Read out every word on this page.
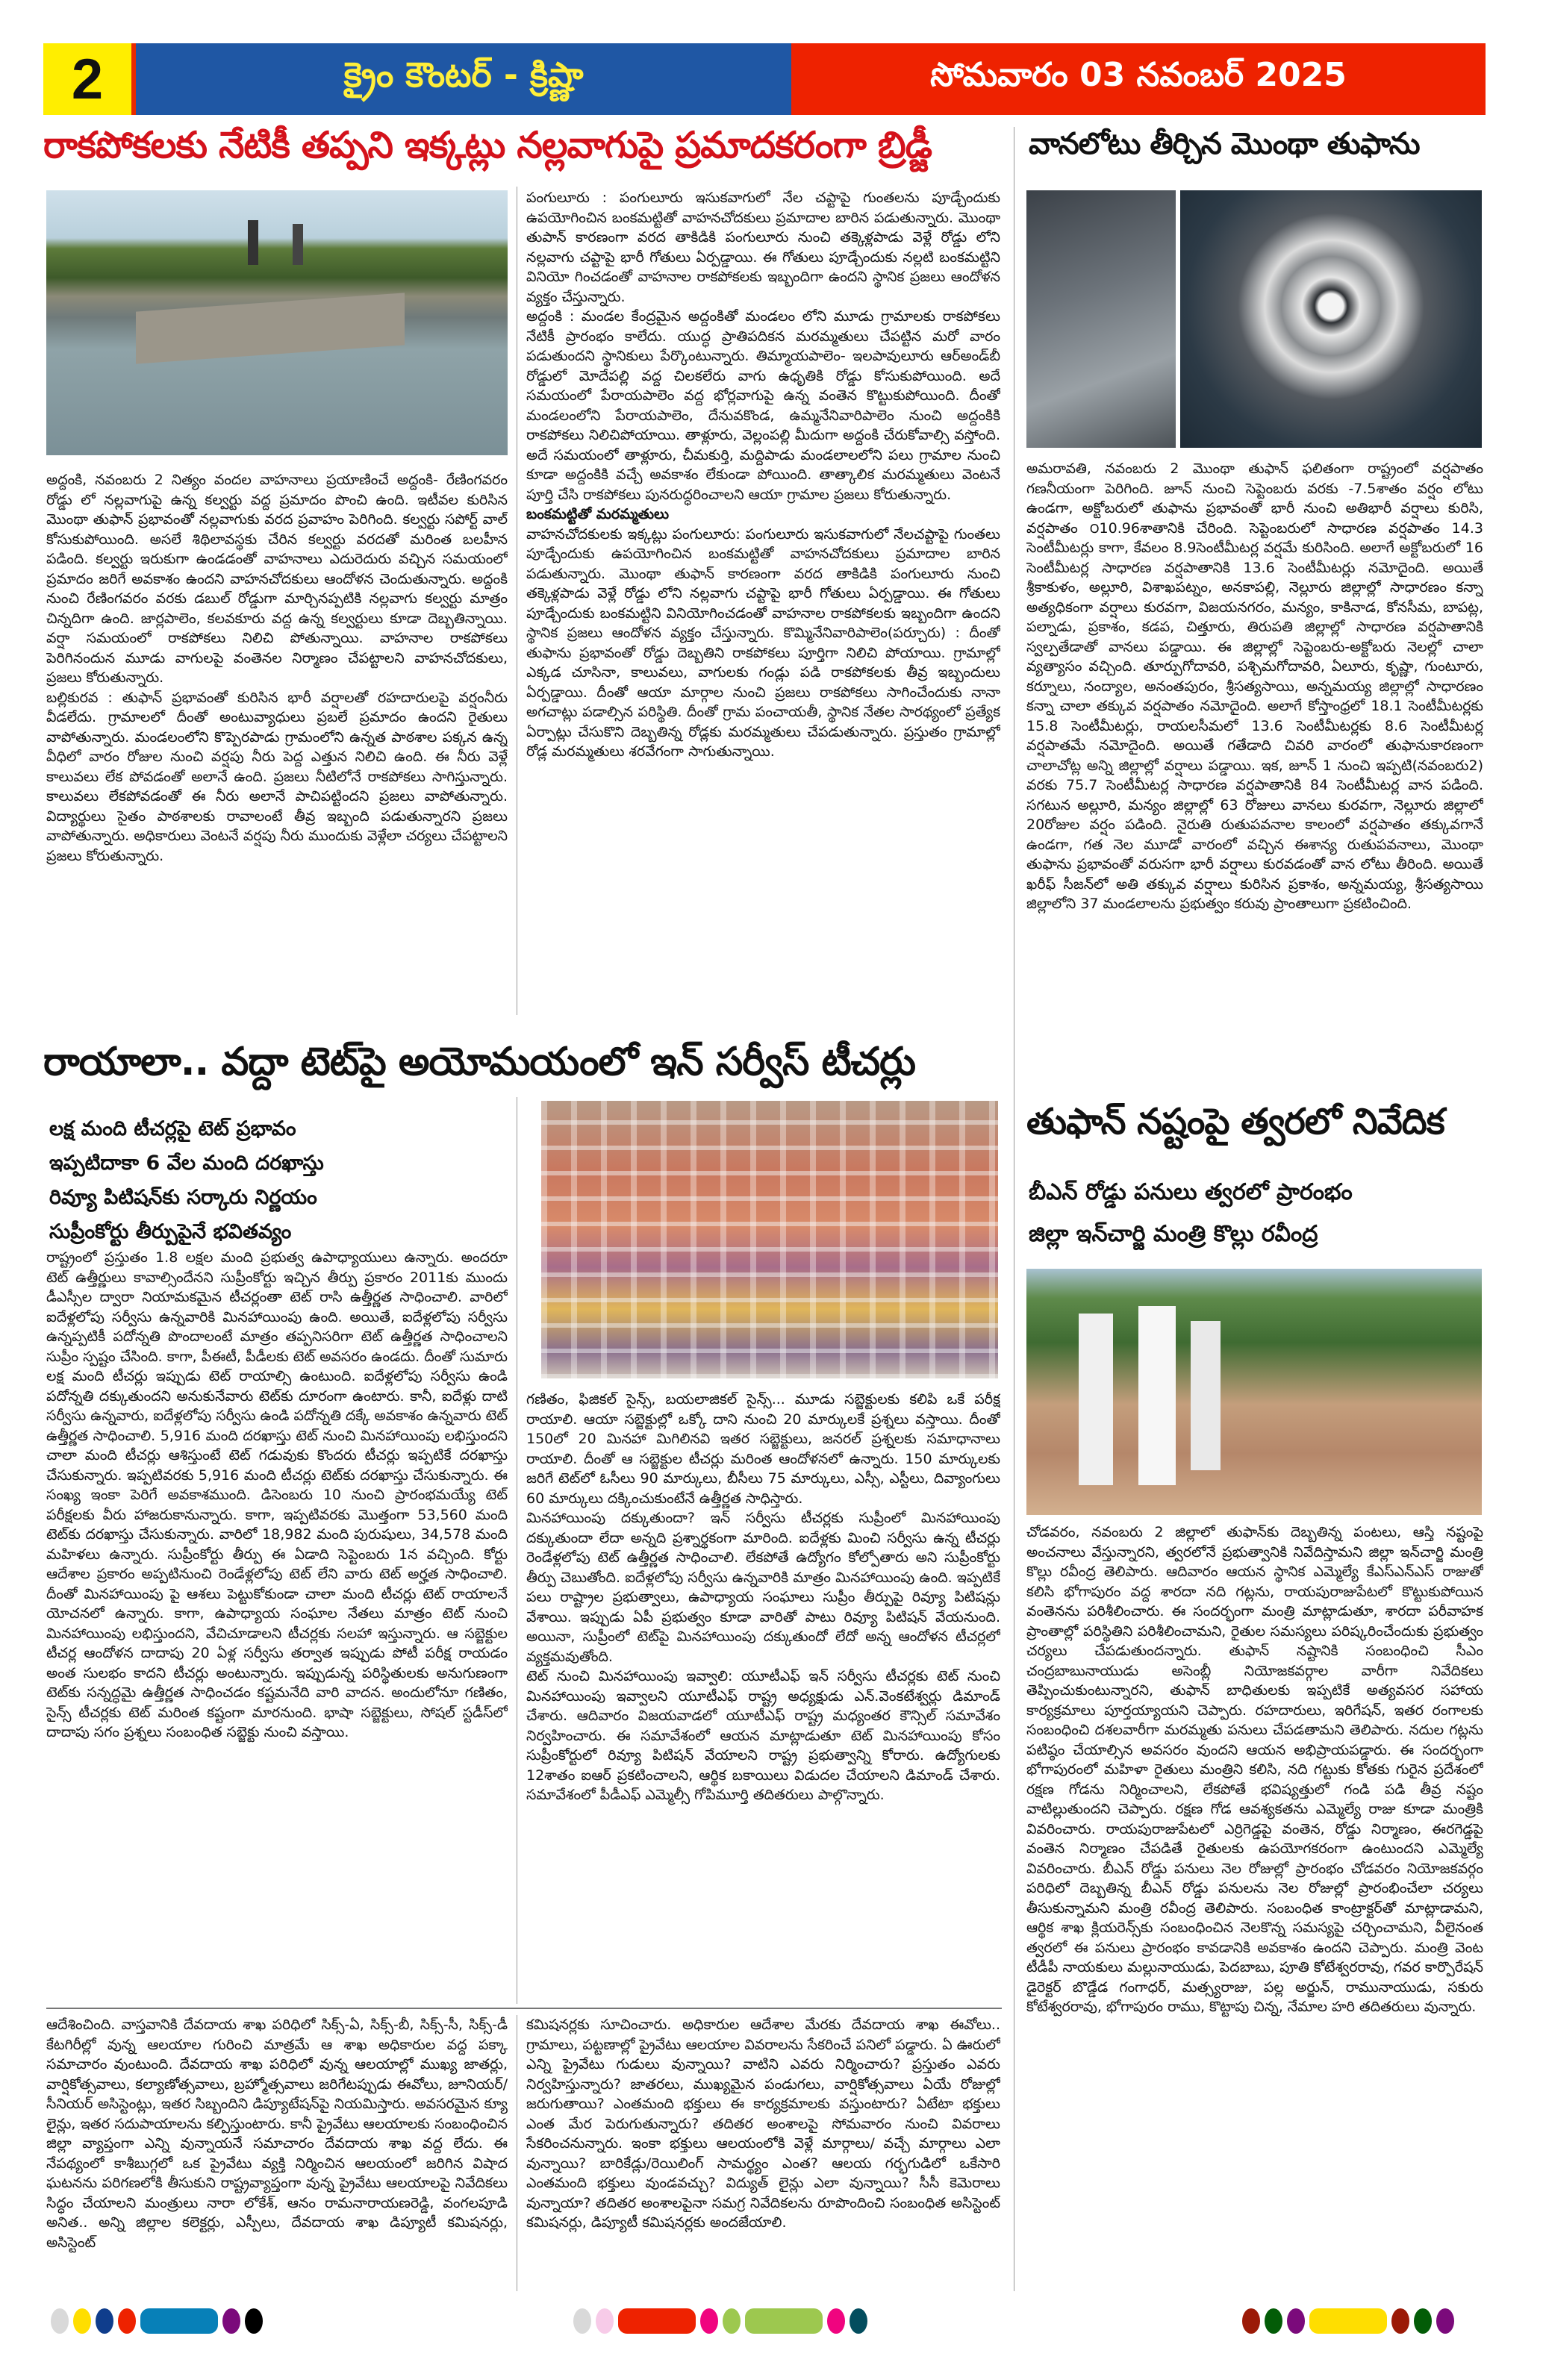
2	క్రైం కౌంటర్ - క్రిష్ణా	సోమవారం 03 నవంబర్ 2025
రాకపోకలకు నేటికీ తప్పని ఇక్కట్లు నల్లవాగుపై ప్రమాదకరంగా బ్రిడ్జీ

అద్దంకి, నవంబరు 2 నిత్యం వందల వాహనాలు ప్రయాణించే అద్దంకి- రేణింగవరం రోడ్డు లో నల్లవాగుపై ఉన్న కల్వర్టు వద్ద ప్రమాదం పొంచి ఉంది. ఇటీవల కురిసిన మొంథా తుఫాన్ ప్రభావంతో నల్లవాగుకు వరద ప్రవాహం పెరిగింది. కల్వర్టు సపోర్ట్ వాల్ కోసుకుపోయింది. అసలే శిథిలావస్థకు చేరిన కల్వర్టు వరదతో మరింత బలహీన పడింది. కల్వర్టు ఇరుకుగా ఉండడంతో వాహనాలు ఎదురెదురు వచ్చిన సమయంలో ప్రమాదం జరిగే అవకాశం ఉందని వాహనచోదకులు ఆందోళన చెందుతున్నారు. అద్దంకి నుంచి రేణింగవరం వరకు డబుల్ రోడ్డుగా మార్చినప్పటికి నల్లవాగు కల్వర్టు మాత్రం చిన్నదిగా ఉంది. జార్లపాలెం, కలవకూరు వద్ద ఉన్న కల్వర్టులు కూడా దెబ్బతిన్నాయి. వర్షా సమయంలో రాకపోకలు నిలిచి పోతున్నాయి. వాహనాల రాకపోకలు పెరిగినందున మూడు వాగులపై వంతెనల నిర్మాణం చేపట్టాలని వాహనచోదకులు, ప్రజలు కోరుతున్నారు.

బల్లికురవ : తుఫాన్ ప్రభావంతో కురిసిన భారీ వర్షాలతో రహదారులపై వర్షంనీరు వీడలేదు. గ్రామాలలో దీంతో అంటువ్యాధులు ప్రబలే ప్రమాదం ఉందని రైతులు వాపోతున్నారు. మండలంలోని కొప్పెరపాడు గ్రామంలోని ఉన్నత పాఠశాల పక్కన ఉన్న వీధిలో వారం రోజుల నుంచి వర్షపు నీరు పెద్ద ఎత్తున నిలిచి ఉంది. ఈ నీరు వెళ్లే కాలువలు లేక పోవడంతో అలానే ఉంది. ప్రజలు నీటిలోనే రాకపోకలు సాగిస్తున్నారు. కాలువలు లేకపోవడంతో ఈ నీరు అలానే పాచిపట్టిందని ప్రజలు వాపోతున్నారు. విద్యార్థులు సైతం పాఠశాలకు రావాలంటే తీవ్ర ఇబ్బంది పడుతున్నారని ప్రజలు వాపోతున్నారు. అధికారులు వెంటనే వర్షపు నీరు ముందుకు వెళ్లేలా చర్యలు చేపట్టాలని ప్రజలు కోరుతున్నారు.

పంగులూరు : పంగులూరు ఇసుకవాగులో నేల చప్టాపై గుంతలను పూడ్చేందుకు ఉపయోగించిన బంకమట్టితో వాహనచోదకులు ప్రమాదాల బారిన పడుతున్నారు. మొంథా తుపాన్ కారణంగా వరద తాకిడికి పంగులూరు నుంచి తక్కెళ్లపాడు వెళ్లే రోడ్డు లోని నల్లవాగు చప్టాపై భారీ గోతులు ఏర్పడ్డాయి. ఈ గోతులు పూడ్చేందుకు నల్లటి బంకమట్టిని వినియో గించడంతో వాహనాల రాకపోకలకు ఇబ్బందిగా ఉందని స్థానిక ప్రజలు ఆందోళన వ్యక్తం చేస్తున్నారు.

అద్దంకి : మండల కేంద్రమైన అద్దంకితో మండలం లోని మూడు గ్రామాలకు రాకపోకలు నేటికీ ప్రారంభం కాలేదు. యుద్ధ ప్రాతిపదికన మరమ్మతులు చేపట్టిన మరో వారం పడుతుందని స్థానికులు పేర్కొంటున్నారు. తిమ్మాయపాలెం- ఇలపావులూరు ఆర్‌అండ్‌బీ రోడ్డులో మోదేపల్లి వద్ద చిలకలేరు వాగు ఉధృతికి రోడ్డు కోసుకుపోయింది. అదే సమయంలో పేరాయపాలెం వద్ద భోర్లవాగుపై ఉన్న వంతెన కొట్టుకుపోయింది. దీంతో మండలంలోని పేరాయపాలెం, దేనువకొండ, ఉమ్మనేనివారిపాలెం నుంచి అద్దంకికి రాకపోకలు నిలిచిపోయాయి. తాళ్లూరు, వెల్లంపల్లి మీదుగా అద్దంకి చేరుకోవాల్సి వస్తోంది. అదే సమయంలో తాళ్లూరు, చీమకుర్తి, మద్దిపాడు మండలాలలోని పలు గ్రామాల నుంచి కూడా అద్దంకికి వచ్చే అవకాశం లేకుండా పోయింది. తాత్కాలిక మరమ్మతులు వెంటనే పూర్తి చేసి రాకపోకలు పునరుద్ధరించాలని ఆయా గ్రామాల ప్రజలు కోరుతున్నారు.

బంకమట్టితో మరమ్మతులు

వాహనచోదకులకు ఇక్కట్లు పంగులూరు: పంగులూరు ఇసుకవాగులో నేలచప్టాపై గుంతలు పూడ్చేందుకు ఉపయోగించిన బంకమట్టితో వాహనచోదకులు ప్రమాదాల బారిన పడుతున్నారు. మొంథా తుఫాన్ కారణంగా వరద తాకిడికి పంగులూరు నుంచి తక్కెళ్లపాడు వెళ్లే రోడ్డు లోని నల్లవాగు చప్టాపై భారీ గోతులు ఏర్పడ్డాయి. ఈ గోతులు పూడ్చేందుకు బంకమట్టిని వినియోగించడంతో వాహనాల రాకపోకలకు ఇబ్బందిగా ఉందని స్థానిక ప్రజలు ఆందోళన వ్యక్తం చేస్తున్నారు. కొమ్మినేనివారిపాలెం(పర్చూరు) : దీంతో తుఫాను ప్రభావంతో రోడ్డు దెబ్బతిని రాకపోకలు పూర్తిగా నిలిచి పోయాయి. గ్రామాల్లో ఎక్కడ చూసినా, కాలువలు, వాగులకు గండ్లు పడి రాకపోకలకు తీవ్ర ఇబ్బందులు ఏర్పడ్డాయి. దీంతో ఆయా మార్గాల నుంచి ప్రజలు రాకపోకలు సాగించేందుకు నానా అగచాట్లు పడాల్సిన పరిస్థితి. దీంతో గ్రామ పంచాయతీ, స్థానిక నేతల సారథ్యంలో ప్రత్యేక ఏర్పాట్లు చేసుకొని దెబ్బతిన్న రోడ్లకు మరమ్మతులు చేపడుతున్నారు. ప్రస్తుతం గ్రామాల్లో రోడ్ల మరమ్మతులు శరవేగంగా సాగుతున్నాయి.

వానలోటు తీర్చిన మొంథా తుఫాను

అమరావతి, నవంబరు 2 మొంథా తుఫాన్ ఫలితంగా రాష్ట్రంలో వర్షపాతం గణనీయంగా పెరిగింది. జూన్ నుంచి సెప్టెంబరు వరకు -7.5శాతం వర్షం లోటు ఉండగా, అక్టోబరులో తుఫాను ప్రభావంతో భారీ నుంచి అతిభారీ వర్షాలు కురిసి, వర్షపాతం ౦10.96శాతానికి చేరింది. సెప్టెంబరులో సాధారణ వర్షపాతం 14.3 సెంటీమీటర్లు కాగా, కేవలం 8.9సెంటీమీటర్ల వర్షమే కురిసింది. అలాగే అక్టోబరులో 16 సెంటీమీటర్ల సాధారణ వర్షపాతానికి 13.6 సెంటీమీటర్లు నమోదైంది. అయితే శ్రీకాకుళం, అల్లూరి, విశాఖపట్నం, అనకాపల్లి, నెల్లూరు జిల్లాల్లో సాధారణం కన్నా అత్యధికంగా వర్షాలు కురవగా, విజయనగరం, మన్యం, కాకినాడ, కోనసీమ, బాపట్ల, పల్నాడు, ప్రకాశం, కడప, చిత్తూరు, తిరుపతి జిల్లాల్లో సాధారణ వర్షపాతానికి స్వల్పతేడాతో వానలు పడ్డాయి. ఈ జిల్లాల్లో సెప్టెంబరు-అక్టోబరు నెలల్లో చాలా వ్యత్యాసం వచ్చింది. తూర్పుగోదావరి, పశ్చిమగోదావరి, ఏలూరు, కృష్ణా, గుంటూరు, కర్నూలు, నంద్యాల, అనంతపురం, శ్రీసత్యసాయి, అన్నమయ్య జిల్లాల్లో సాధారణం కన్నా చాలా తక్కువ వర్షపాతం నమోదైంది. అలాగే కోస్తాంధ్రలో 18.1 సెంటీమీటర్లకు 15.8 సెంటీమీటర్లు, రాయలసీమలో 13.6 సెంటీమీటర్లకు 8.6 సెంటీమీటర్ల వర్షపాతమే నమోదైంది. అయితే గతేడాది చివరి వారంలో తుఫానుకారణంగా చాలాచోట్ల అన్ని జిల్లాల్లో వర్షాలు పడ్డాయి. ఇక, జూన్ 1 నుంచి ఇప్పటి(నవంబరు2) వరకు 75.7 సెంటీమీటర్ల సాధారణ వర్షపాతానికి 84 సెంటీమీటర్ల వాన పడింది. సగటున అల్లూరి, మన్యం జిల్లాల్లో 63 రోజులు వానలు కురవగా, నెల్లూరు జిల్లాలో 20రోజుల వర్షం పడింది. నైరుతి రుతుపవనాల కాలంలో వర్షపాతం తక్కువగానే ఉండగా, గత నెల మూడో వారంలో వచ్చిన ఈశాన్య రుతుపవనాలు, మొంథా తుఫాను ప్రభావంతో వరుసగా భారీ వర్షాలు కురవడంతో వాన లోటు తీరింది. అయితే ఖరీఫ్ సీజన్‌లో అతి తక్కువ వర్షాలు కురిసిన ప్రకాశం, అన్నమయ్య, శ్రీసత్యసాయి జిల్లాలోని 37 మండలాలను ప్రభుత్వం కరువు ప్రాంతాలుగా ప్రకటించింది.

రాయాలా.. వద్దా టెట్‌పై అయోమయంలో ఇన్ సర్వీస్ టీచర్లు
లక్ష మంది టీచర్లపై టెట్ ప్రభావం
ఇప్పటిదాకా 6 వేల మంది దరఖాస్తు
రివ్యూ పిటిషన్‌కు సర్కారు నిర్ణయం
సుప్రీంకోర్టు తీర్పుపైనే భవితవ్యం

రాష్ట్రంలో ప్రస్తుతం 1.8 లక్షల మంది ప్రభుత్వ ఉపాధ్యాయులు ఉన్నారు. అందరూ టెట్ ఉత్తీర్ణులు కావాల్సిందేనని సుప్రీంకోర్టు ఇచ్చిన తీర్పు ప్రకారం 2011కు ముందు డీఎస్సీల ద్వారా నియామకమైన టీచర్లంతా టెట్ రాసి ఉత్తీర్ణత సాధించాలి. వారిలో ఐదేళ్లలోపు సర్వీసు ఉన్నవారికి మినహాయింపు ఉంది. అయితే, ఐదేళ్లలోపు సర్వీసు ఉన్నప్పటికీ పదోన్నతి పొందాలంటే మాత్రం తప్పనిసరిగా టెట్ ఉత్తీర్ణత సాధించాలని సుప్రీం స్పష్టం చేసింది. కాగా, పీఈటీ, పీడీలకు టెట్ అవసరం ఉండదు. దీంతో సుమారు లక్ష మంది టీచర్లు ఇప్పుడు టెట్ రాయాల్సి ఉంటుంది. ఐదేళ్లలోపు సర్వీసు ఉండి పదోన్నతి దక్కుతుందని అనుకునేవారు టెట్‌కు దూరంగా ఉంటారు. కానీ, ఐదేళ్లు దాటి సర్వీసు ఉన్నవారు, ఐదేళ్లలోపు సర్వీసు ఉండి పదోన్నతి దక్కే అవకాశం ఉన్నవారు టెట్ ఉత్తీర్ణత సాధించాలి. 5,916 మంది దరఖాస్తు టెట్ నుంచి మినహాయింపు లభిస్తుందని చాలా మంది టీచర్లు ఆశిస్తుంటే టెట్ గడువుకు కొందరు టీచర్లు ఇప్పటికే దరఖాస్తు చేసుకున్నారు. ఇప్పటివరకు 5,916 మంది టీచర్లు టెట్‌కు దరఖాస్తు చేసుకున్నారు. ఈ సంఖ్య ఇంకా పెరిగే అవకాశముంది. డిసెంబరు 10 నుంచి ప్రారంభమయ్యే టెట్ పరీక్షలకు వీరు హాజరుకానున్నారు. కాగా, ఇప్పటివరకు మొత్తంగా 53,560 మంది టెట్‌కు దరఖాస్తు చేసుకున్నారు. వారిలో 18,982 మంది పురుషులు, 34,578 మంది మహిళలు ఉన్నారు. సుప్రీంకోర్టు తీర్పు ఈ ఏడాది సెప్టెంబరు 1న వచ్చింది. కోర్టు ఆదేశాల ప్రకారం అప్పటినుంచి రెండేళ్లలోపు టెట్ లేని వారు టెట్ అర్హత సాధించాలి. దీంతో మినహాయింపు పై ఆశలు పెట్టుకోకుండా చాలా మంది టీచర్లు టెట్ రాయాలనే యోచనలో ఉన్నారు. కాగా, ఉపాధ్యాయ సంఘాల నేతలు మాత్రం టెట్ నుంచి మినహాయింపు లభిస్తుందని, వేచిచూడాలని టీచర్లకు సలహా ఇస్తున్నారు. ఆ సబ్జెక్టుల టీచర్ల ఆందోళన దాదాపు 20 ఏళ్ల సర్వీసు తర్వాత ఇప్పుడు పోటీ పరీక్ష రాయడం అంత సులభం కాదని టీచర్లు అంటున్నారు. ఇప్పుడున్న పరిస్థితులకు అనుగుణంగా టెట్‌కు సన్నద్ధమై ఉత్తీర్ణత సాధించడం కష్టమనేది వారి వాదన. అందులోనూ గణితం, సైన్స్ టీచర్లకు టెట్ మరింత కష్టంగా మారనుంది. భాషా సబ్జెక్టులు, సోషల్ స్టడీస్‌లో దాదాపు సగం ప్రశ్నలు సంబంధిత సబ్జెక్టు నుంచి వస్తాయి.

గణితం, ఫిజికల్ సైన్స్, బయలాజికల్ సైన్స్... మూడు సబ్జెక్టులకు కలిపి ఒకే పరీక్ష రాయాలి. ఆయా సబ్జెక్టుల్లో ఒక్కో దాని నుంచి 20 మార్కులకే ప్రశ్నలు వస్తాయి. దీంతో 150లో 20 మినహా మిగిలినవి ఇతర సబ్జెక్టులు, జనరల్ ప్రశ్నలకు సమాధానాలు రాయాలి. దీంతో ఆ సబ్జెక్టుల టీచర్లు మరింత ఆందోళనలో ఉన్నారు. 150 మార్కులకు జరిగే టెట్‌లో ఓసీలు 90 మార్కులు, బీసీలు 75 మార్కులు, ఎస్సీ, ఎస్టీలు, దివ్యాంగులు 60 మార్కులు దక్కించుకుంటేనే ఉత్తీర్ణత సాధిస్తారు.

మినహాయింపు దక్కుతుందా? ఇన్ సర్వీసు టీచర్లకు సుప్రీంలో మినహాయింపు దక్కుతుందా లేదా అన్నది ప్రశ్నార్థకంగా మారింది. ఐదేళ్లకు మించి సర్వీసు ఉన్న టీచర్లు రెండేళ్లలోపు టెట్ ఉత్తీర్ణత సాధించాలి. లేకపోతే ఉద్యోగం కోల్పోతారు అని సుప్రీంకోర్టు తీర్పు చెబుతోంది. ఐదేళ్లలోపు సర్వీసు ఉన్నవారికి మాత్రం మినహాయింపు ఉంది. ఇప్పటికే పలు రాష్ట్రాల ప్రభుత్వాలు, ఉపాధ్యాయ సంఘాలు సుప్రీం తీర్పుపై రివ్యూ పిటిషన్లు వేశాయి. ఇప్పుడు ఏపీ ప్రభుత్వం కూడా వారితో పాటు రివ్యూ పిటిషన్ వేయనుంది. అయినా, సుప్రీంలో టెట్‌పై మినహాయింపు దక్కుతుందో లేదో అన్న ఆందోళన టీచర్లలో వ్యక్తమవుతోంది.

టెట్ నుంచి మినహాయింపు ఇవ్వాలి: యూటీఎఫ్ ఇన్ సర్వీసు టీచర్లకు టెట్ నుంచి మినహాయింపు ఇవ్వాలని యూటీఎఫ్ రాష్ట్ర అధ్యక్షుడు ఎన్.వెంకటేశ్వర్లు డిమాండ్ చేశారు. ఆదివారం విజయవాడలో యూటీఎఫ్ రాష్ట్ర మధ్యంతర కౌన్సిల్ సమావేశం నిర్వహించారు. ఈ సమావేశంలో ఆయన మాట్లాడుతూ టెట్ మినహాయింపు కోసం సుప్రీంకోర్టులో రివ్యూ పిటిషన్ వేయాలని రాష్ట్ర ప్రభుత్వాన్ని కోరారు. ఉద్యోగులకు 12శాతం ఐఆర్ ప్రకటించాలని, ఆర్థిక బకాయిలు విడుదల చేయాలని డిమాండ్ చేశారు. సమావేశంలో పీడీఎఫ్ ఎమ్మెల్సీ గోపిమూర్తి తదితరులు పాల్గొన్నారు.

తుఫాన్ నష్టంపై త్వరలో నివేదిక
బీఎన్ రోడ్డు పనులు త్వరలో ప్రారంభం
జిల్లా ఇన్‌చార్జి మంత్రి కొల్లు రవీంద్ర

చోడవరం, నవంబరు 2 జిల్లాలో తుఫాన్‌కు దెబ్బతిన్న పంటలు, ఆస్తి నష్టంపై అంచనాలు వేస్తున్నారని, త్వరలోనే ప్రభుత్వానికి నివేదిస్తామని జిల్లా ఇన్‌చార్జి మంత్రి కొల్లు రవీంద్ర తెలిపారు. ఆదివారం ఆయన స్థానిక ఎమ్మెల్యే కేఎస్ఎన్ఎస్ రాజుతో కలిసి భోగాపురం వద్ద శారదా నది గట్లను, రాయపురాజుపేటలో కొట్టుకుపోయిన వంతెనను పరిశీలించారు. ఈ సందర్భంగా మంత్రి మాట్లాడుతూ, శారదా పరీవాహక ప్రాంతాల్లో పరిస్థితిని పరిశీలించామని, రైతుల సమస్యలు పరిష్కరించేందుకు ప్రభుత్వం చర్యలు చేపడుతుందన్నారు. తుఫాన్ నష్టానికి సంబంధించి సీఎం చంద్రబాబునాయుడు అసెంబ్లీ నియోజకవర్గాల వారీగా నివేదికలు తెప్పించుకుంటున్నారని, తుఫాన్ బాధితులకు ఇప్పటికే అత్యవసర సహాయ కార్యక్రమాలు పూర్తయ్యాయని చెప్పారు. రహదారులు, ఇరిగేషన్, ఇతర రంగాలకు సంబంధించి దశలవారీగా మరమ్మతు పనులు చేపడతామని తెలిపారు. నదుల గట్లను పటిష్ఠం చేయాల్సిన అవసరం వుందని ఆయన అభిప్రాయపడ్డారు. ఈ సందర్భంగా భోగాపురంలో మహిళా రైతులు మంత్రిని కలిసి, నది గట్టుకు కోతకు గురైన ప్రదేశంలో రక్షణ గోడను నిర్మించాలని, లేకపోతే భవిష్యత్తులో గండి పడి తీవ్ర నష్టం వాటిల్లుతుందని చెప్పారు. రక్షణ గోడ ఆవశ్యకతను ఎమ్మెల్యే రాజు కూడా మంత్రికి వివరించారు. రాయపురాజుపేటలో ఎర్రిగెడ్డపై వంతెన, రోడ్డు నిర్మాణం, ఈరగెడ్డపై వంతెన నిర్మాణం చేపడితే రైతులకు ఉపయోగకరంగా ఉంటుందని ఎమ్మెల్యే వివరించారు. బీఎన్ రోడ్డు పనులు నెల రోజుల్లో ప్రారంభం చోడవరం నియోజకవర్గం పరిధిలో దెబ్బతిన్న బీఎన్ రోడ్డు పనులను నెల రోజుల్లో ప్రారంభించేలా చర్యలు తీసుకున్నామని మంత్రి రవీంద్ర తెలిపారు. సంబంధిత కాంట్రాక్టర్‌తో మాట్లాడామని, ఆర్థిక శాఖ క్లియరెన్స్‌కు సంబంధించిన నెలకొన్న సమస్యపై చర్చించామని, వీలైనంత త్వరలో ఈ పనులు ప్రారంభం కావడానికి అవకాశం ఉందని చెప్పారు. మంత్రి వెంట టీడీపీ నాయకులు మల్లునాయుడు, పెదబాబు, పూతి కోటేశ్వరరావు, గవర కార్పొరేషన్ డైరెక్టర్ బొడ్డేడ గంగాధర్, మత్స్యరాజు, పల్ల అర్జున్, రామునాయుడు, సకురు కోటేశ్వరరావు, భోగాపురం రాము, కొట్టాపు చిన్న, నేమాల హరి తదితరులు వున్నారు.

ఆదేశించింది. వాస్తవానికి దేవదాయ శాఖ పరిధిలో సిక్స్-ఏ, సిక్స్-బీ, సిక్స్-సీ, సిక్స్-డీ కేటగిరీల్లో వున్న ఆలయాల గురించి మాత్రమే ఆ శాఖ అధికారుల వద్ద పక్కా సమాచారం వుంటుంది. దేవదాయ శాఖ పరిధిలో వున్న ఆలయాల్లో ముఖ్య జాతర్లు, వార్షికోత్సవాలు, కల్యాణోత్సవాలు, బ్రహ్మోత్సవాలు జరిగేటప్పుడు ఈవోలు, జూనియర్/ సీనియర్ అసిస్టెంట్లు, ఇతర సిబ్బందిని డిప్యూటేషన్‌పై నియమిస్తారు. అవసరమైన క్యూ లైన్లు, ఇతర సదుపాయాలను కల్పిస్తుంటారు. కానీ ప్రైవేటు ఆలయాలకు సంబంధించిన జిల్లా వ్యాప్తంగా ఎన్ని వున్నాయనే సమాచారం దేవదాయ శాఖ వద్ద లేదు. ఈ నేపథ్యంలో కాశీబుగ్గలో ఒక ప్రైవేటు వ్యక్తి నిర్మించిన ఆలయంలో జరిగిన విషాద ఘటనను పరిగణలోకి తీసుకుని రాష్ట్రవ్యాప్తంగా వున్న ప్రైవేటు ఆలయాలపై నివేదికలు సిద్ధం చేయాలని మంత్రులు నారా లోకేశ్, ఆనం రామనారాయణరెడ్డి, వంగలపూడి అనిత.. అన్ని జిల్లాల కలెక్టర్లు, ఎస్పీలు, దేవదాయ శాఖ డిప్యూటీ కమిషనర్లు, అసిస్టెంట్

కమిషనర్లకు సూచించారు. అధికారుల ఆదేశాల మేరకు దేవదాయ శాఖ ఈవోలు.. గ్రామాలు, పట్టణాల్లో ప్రైవేటు ఆలయాల వివరాలను సేకరించే పనిలో పడ్డారు. ఏ ఊరులో ఎన్ని ప్రైవేటు గుడులు వున్నాయి? వాటిని ఎవరు నిర్మించారు? ప్రస్తుతం ఎవరు నిర్వహిస్తున్నారు? జాతరలు, ముఖ్యమైన పండుగలు, వార్షికోత్సవాలు ఏయే రోజుల్లో జరుగుతాయి? ఎంతమంది భక్తులు ఈ కార్యక్రమాలకు వస్తుంటారు? ఏటేటా భక్తులు ఎంత మేర పెరుగుతున్నారు? తదితర అంశాలపై సోమవారం నుంచి వివరాలు సేకరించనున్నారు. ఇంకా భక్తులు ఆలయంలోకి వెళ్లే మార్గాలు/ వచ్చే మార్గాలు ఎలా వున్నాయి? బారికేడ్లు/రెయిలింగ్ సామర్థ్యం ఎంత? ఆలయ గర్భగుడిలో ఒకేసారి ఎంతమంది భక్తులు వుండవచ్చు? విద్యుత్ లైన్లు ఎలా వున్నాయి? సీసీ కెమెరాలు వున్నాయా? తదితర అంశాలపైనా సమగ్ర నివేదికలను రూపొందించి సంబంధిత అసిస్టెంట్ కమిషనర్లు, డిప్యూటీ కమిషనర్లకు అందజేయాలి.
